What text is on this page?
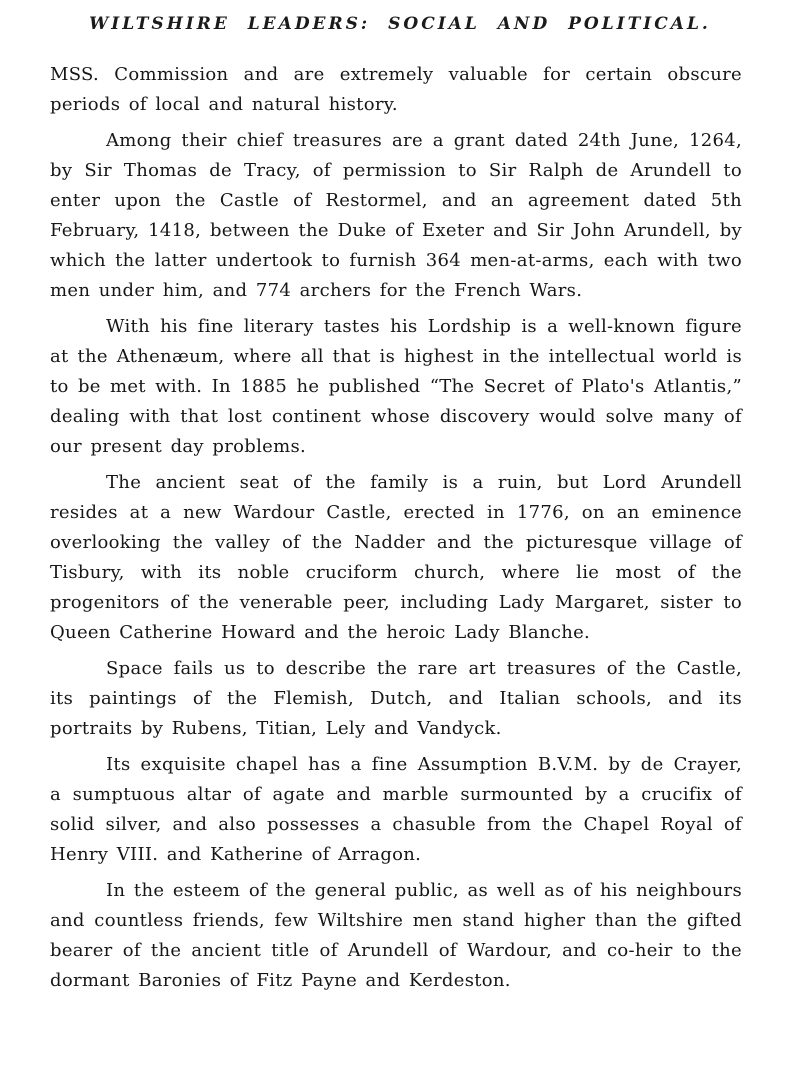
WILTSHIRE LEADERS: SOCIAL AND POLITICAL.

MSS. Commission and are extremely valuable for certain obscure periods of local and natural history.

Among their chief treasures are a grant dated 24th June, 1264, by Sir Thomas de Tracy, of permission to Sir Ralph de Arundell to enter upon the Castle of Restormel, and an agreement dated 5th February, 1418, between the Duke of Exeter and Sir John Arundell, by which the latter undertook to furnish 364 men-at-arms, each with two men under him, and 774 archers for the French Wars.

With his fine literary tastes his Lordship is a well-known figure at the Athenæum, where all that is highest in the intellectual world is to be met with. In 1885 he published “The Secret of Plato's Atlantis,” dealing with that lost continent whose discovery would solve many of our present day problems.

The ancient seat of the family is a ruin, but Lord Arundell resides at a new Wardour Castle, erected in 1776, on an eminence overlooking the valley of the Nadder and the picturesque village of Tisbury, with its noble cruciform church, where lie most of the progenitors of the venerable peer, including Lady Margaret, sister to Queen Catherine Howard and the heroic Lady Blanche.

Space fails us to describe the rare art treasures of the Castle, its paintings of the Flemish, Dutch, and Italian schools, and its portraits by Rubens, Titian, Lely and Vandyck.

Its exquisite chapel has a fine Assumption B.V.M. by de Crayer, a sumptuous altar of agate and marble surmounted by a crucifix of solid silver, and also possesses a chasuble from the Chapel Royal of Henry VIII. and Katherine of Arragon.

In the esteem of the general public, as well as of his neighbours and countless friends, few Wiltshire men stand higher than the gifted bearer of the ancient title of Arundell of Wardour, and co-heir to the dormant Baronies of Fitz Payne and Kerdeston.
